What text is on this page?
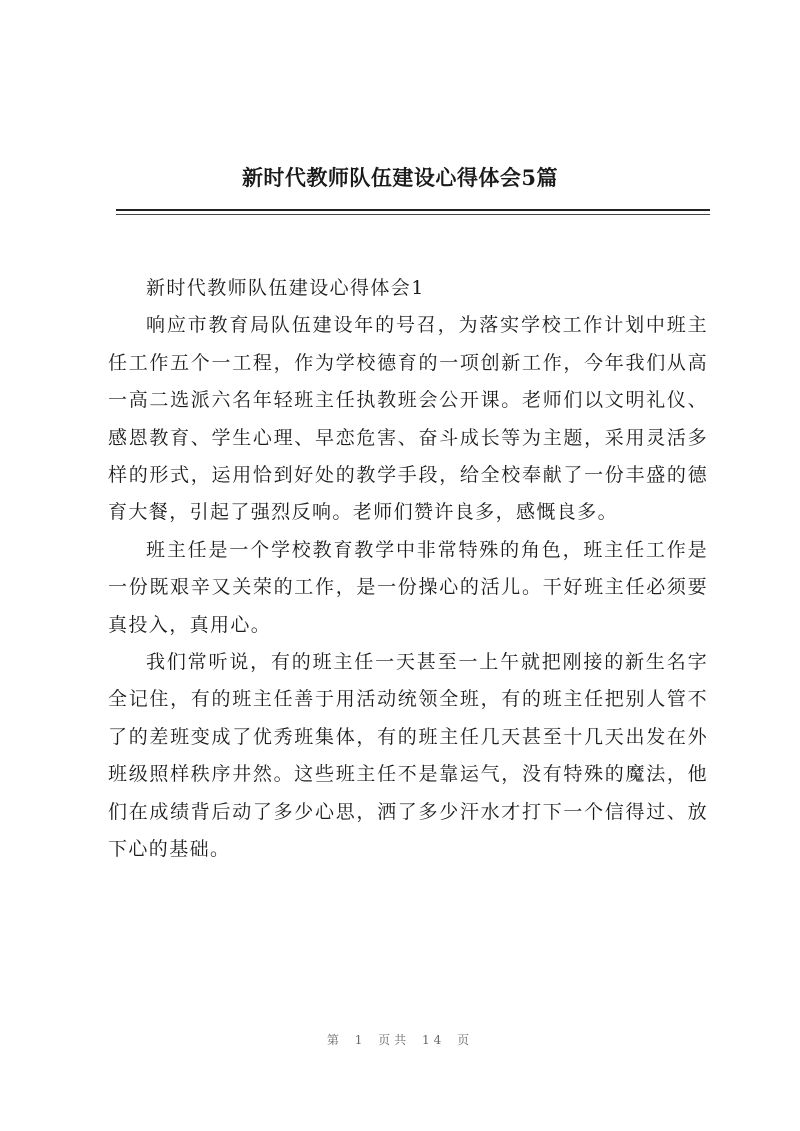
新时代教师队伍建设心得体会5篇

新时代教师队伍建设心得体会1

响应市教育局队伍建设年的号召，为落实学校工作计划中班主任工作五个一工程，作为学校德育的一项创新工作，今年我们从高一高二选派六名年轻班主任执教班会公开课。老师们以文明礼仪、感恩教育、学生心理、早恋危害、奋斗成长等为主题，采用灵活多样的形式，运用恰到好处的教学手段，给全校奉献了一份丰盛的德育大餐，引起了强烈反响。老师们赞许良多，感慨良多。

班主任是一个学校教育教学中非常特殊的角色，班主任工作是一份既艰辛又关荣的工作，是一份操心的活儿。干好班主任必须要真投入，真用心。

我们常听说，有的班主任一天甚至一上午就把刚接的新生名字全记住，有的班主任善于用活动统领全班，有的班主任把别人管不了的差班变成了优秀班集体，有的班主任几天甚至十几天出发在外班级照样秩序井然。这些班主任不是靠运气，没有特殊的魔法，他们在成绩背后动了多少心思，洒了多少汗水才打下一个信得过、放下心的基础。

第 1 页共 14 页
